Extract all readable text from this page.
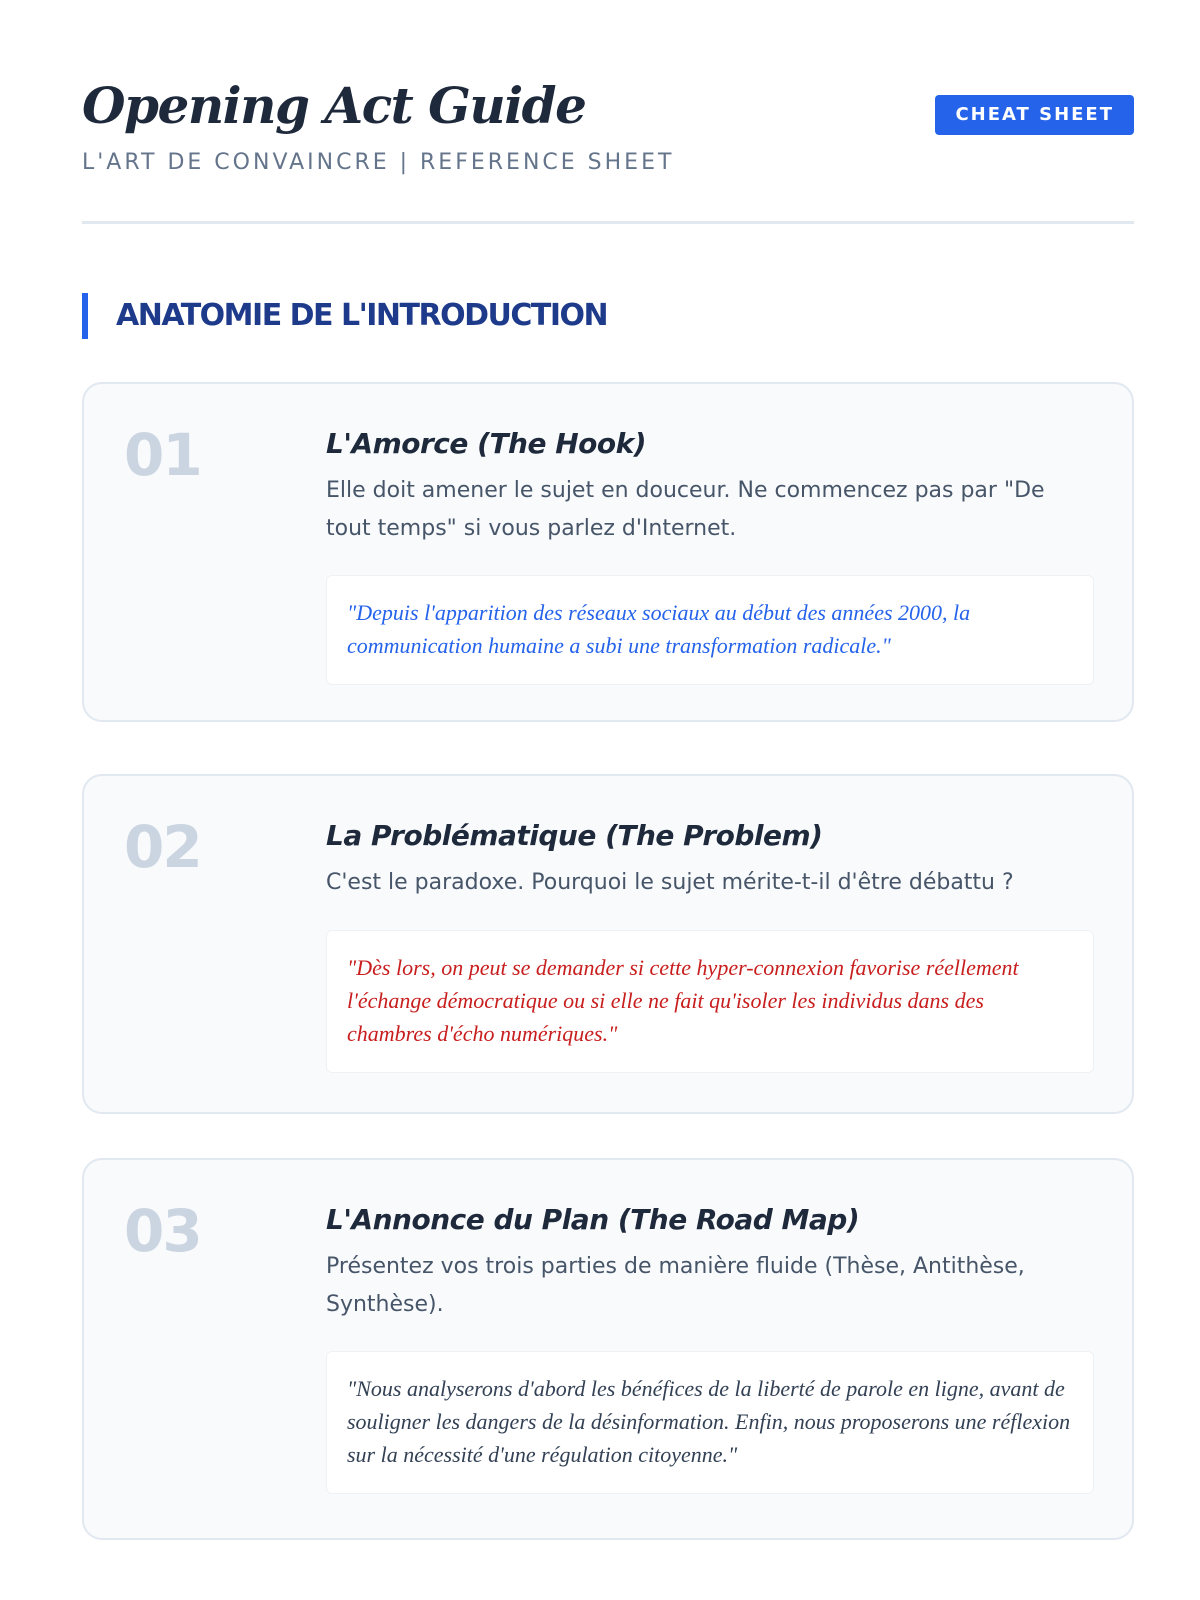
Opening Act Guide
L'ART DE CONVAINCRE | REFERENCE SHEET
CHEAT SHEET
ANATOMIE DE L'INTRODUCTION
01	L'Amorce (The Hook)

Elle doit amener le sujet en douceur. Ne commencez pas par "De tout temps" si vous parlez d'Internet.

"Depuis l'apparition des réseaux sociaux au début des années 2000, la communication humaine a subi une transformation radicale."
02	La Problématique (The Problem)

C'est le paradoxe. Pourquoi le sujet mérite-t-il d'être débattu ?

"Dès lors, on peut se demander si cette hyper-connexion favorise réellement l'échange démocratique ou si elle ne fait qu'isoler les individus dans des chambres d'écho numériques."
03	L'Annonce du Plan (The Road Map)

Présentez vos trois parties de manière fluide (Thèse, Antithèse, Synthèse).

"Nous analyserons d'abord les bénéfices de la liberté de parole en ligne, avant de souligner les dangers de la désinformation. Enfin, nous proposerons une réflexion sur la nécessité d'une régulation citoyenne."
